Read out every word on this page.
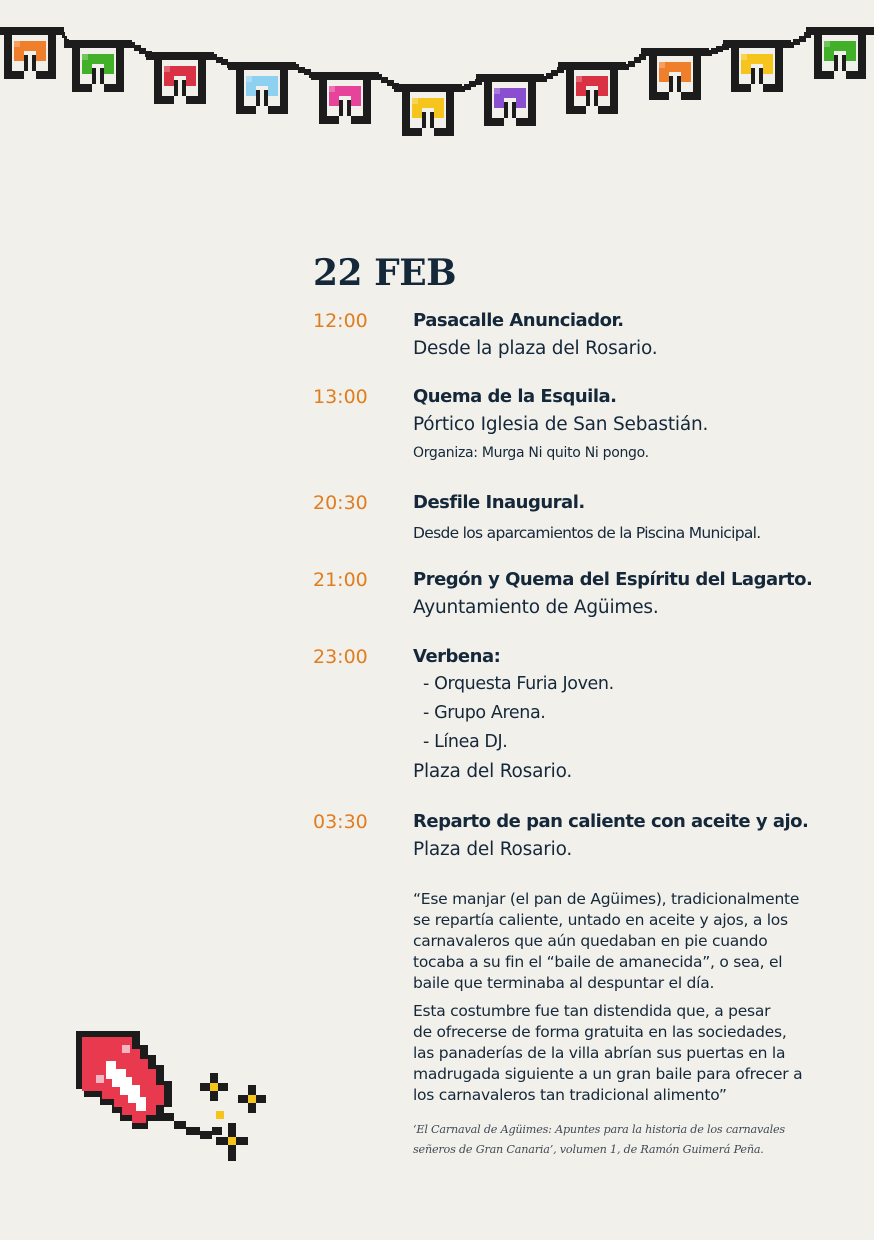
22 FEB
12:00	Pasacalle Anunciador.
Desde la plaza del Rosario.
13:00	Quema de la Esquila.
Pórtico Iglesia de San Sebastián.
Organiza: Murga Ni quito Ni pongo.
20:30	Desfile Inaugural.
Desde los aparcamientos de la Piscina Municipal.
21:00	Pregón y Quema del Espíritu del Lagarto.
Ayuntamiento de Agüimes.
23:00	Verbena:
- Orquesta Furia Joven.
- Grupo Arena.
- Línea DJ.
Plaza del Rosario.
03:30	Reparto de pan caliente con aceite y ajo.
Plaza del Rosario.

“Ese manjar (el pan de Agüimes), tradicionalmente
se repartía caliente, untado en aceite y ajos, a los
carnavaleros que aún quedaban en pie cuando
tocaba a su fin el “baile de amanecida”, o sea, el
baile que terminaba al despuntar el día.

Esta costumbre fue tan distendida que, a pesar
de ofrecerse de forma gratuita en las sociedades,
las panaderías de la villa abrían sus puertas en la
madrugada siguiente a un gran baile para ofrecer a
los carnavaleros tan tradicional alimento”

‘El Carnaval de Agüimes: Apuntes para la historia de los carnavales
señeros de Gran Canaria’, volumen 1, de Ramón Guimerá Peña.
